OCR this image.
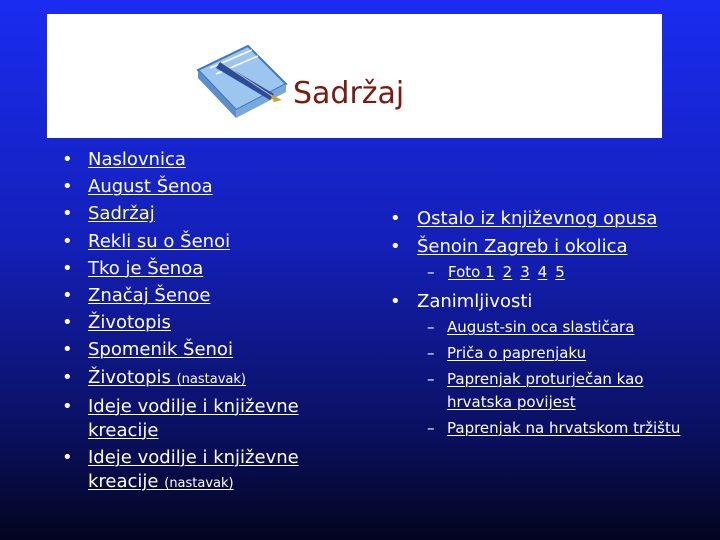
Sadržaj
• Naslovnica
• August Šenoa
• Sadržaj
• Rekli su o Šenoi
• Tko je Šenoa
• Značaj Šenoe
• Životopis
• Spomenik Šenoi
• Životopis (nastavak)
• Ideje vodilje i književne kreacije
• Ideje vodilje i književne kreacije (nastavak)
• Ostalo iz književnog opusa
• Šenoin Zagreb i okolica
– Foto 1 2 3 4 5
• Zanimljivosti
– August-sin oca slastičara
– Priča o paprenjaku
– Paprenjak proturječan kao hrvatska povijest
– Paprenjak na hrvatskom tržištu
